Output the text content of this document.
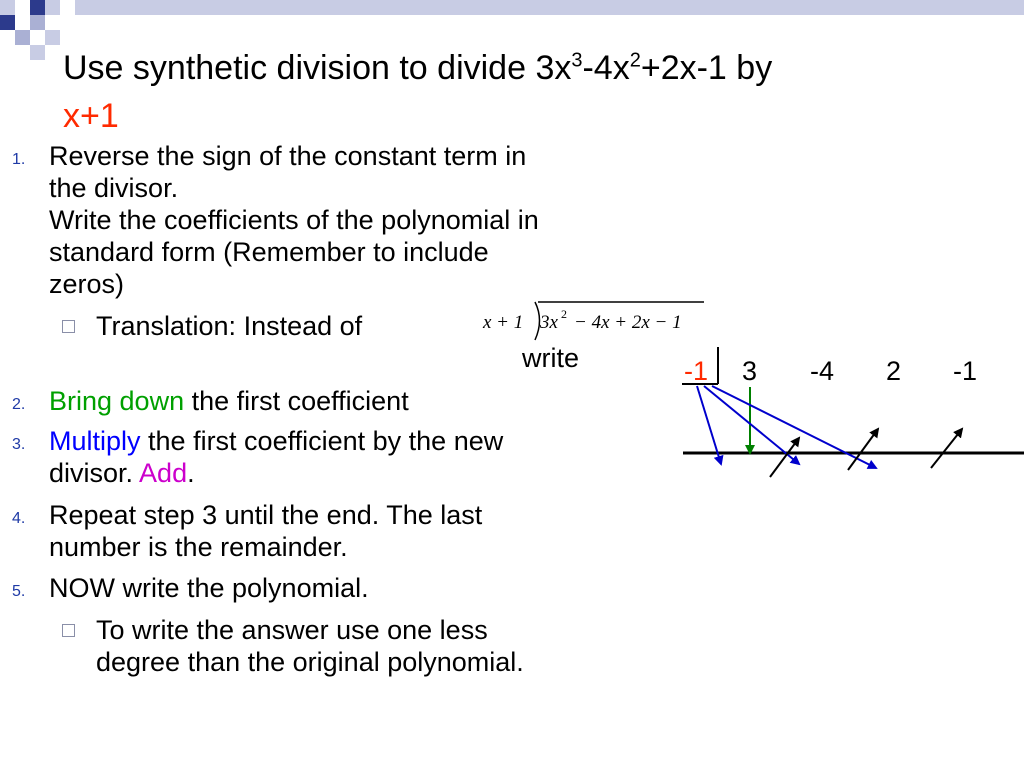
Use synthetic division to divide $3x^3-4x^2+2x-1$ by
x+1
1. Reverse the sign of the constant term in
the divisor.
Write the coefficients of the polynomial in
standard form (Remember to include
zeros)
Translation: Instead of	x + 1 3x 2 − 4x + 2x − 1
write
2. Bring down the first coefficient
3. Multiply the first coefficient by the new
divisor. Add.
4. Repeat step 3 until the end. The last
number is the remainder.
5. NOW write the polynomial.
To write the answer use one less
degree than the original polynomial.
-1 3 -4 2 -1
